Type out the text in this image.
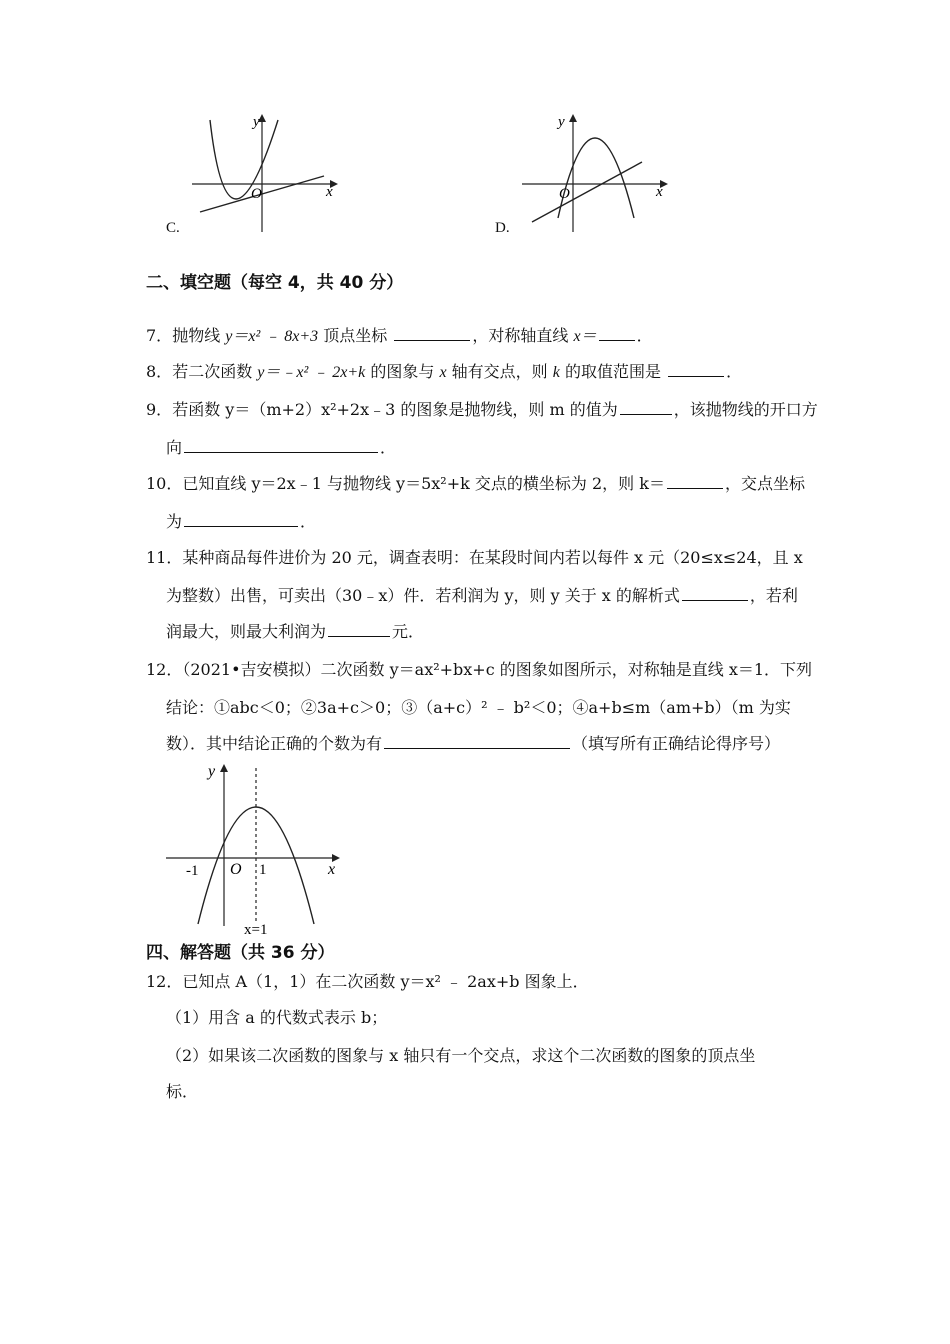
y
x
O
C.
y
x
O
D.
二、填空题（每空 4，共 40 分）
7．抛物线 y＝x² ﹣ 8x+3 顶点坐标	，对称轴直线 x＝	．
8．若二次函数 y＝﹣x² ﹣ 2x+k 的图象与 x 轴有交点，则 k 的取值范围是	．
9．若函数 y＝（m+2）x²+2x﹣3 的图象是抛物线，则 m 的值为	，该抛物线的开口方
向	．
10．已知直线 y＝2x﹣1 与抛物线 y＝5x²+k 交点的横坐标为 2，则 k＝	，交点坐标
为	．
11．某种商品每件进价为 20 元，调查表明：在某段时间内若以每件 x 元（20≤x≤24，且 x
为整数）出售，可卖出（30﹣x）件．若利润为 y，则 y 关于 x 的解析式	，若利
润最大，则最大利润为	元．
12．（2021•吉安模拟）二次函数 y＝ax²+bx+c 的图象如图所示，对称轴是直线 x＝1．下列
结论：①abc＜0；②3a+c＞0；③（a+c）² ﹣ b²＜0；④a+b≤m（am+b）（m 为实
数）．其中结论正确的个数为有	（填写所有正确结论得序号）
y
x
O
-1	1
x=1
四、解答题（共 36 分）
12．已知点 A（1，1）在二次函数 y＝x² ﹣ 2ax+b 图象上．
（1）用含 a 的代数式表示 b；
（2）如果该二次函数的图象与 x 轴只有一个交点，求这个二次函数的图象的顶点坐
标．
